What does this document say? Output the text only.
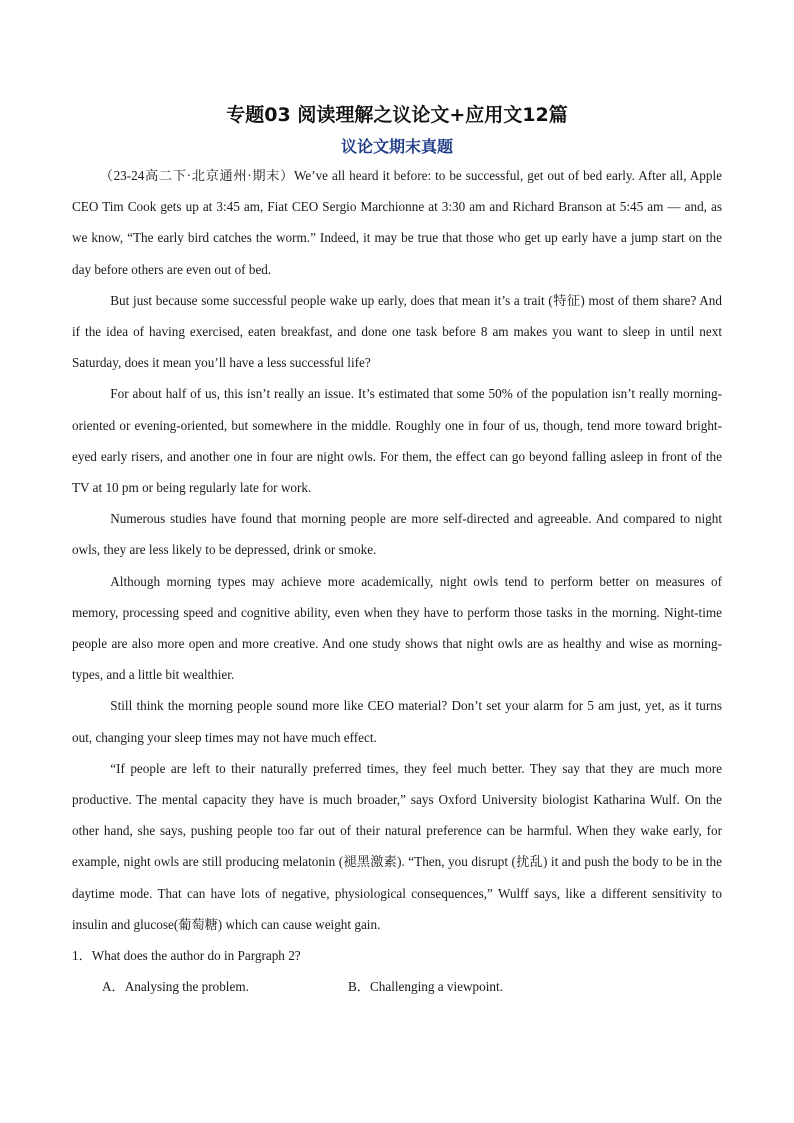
专题03 阅读理解之议论文+应用文12篇
议论文期末真题

（23-24高二下·北京通州·期末）We’ve all heard it before: to be successful, get out of bed early. After all, Apple CEO Tim Cook gets up at 3:45 am, Fiat CEO Sergio Marchionne at 3:30 am and Richard Branson at 5:45 am — and, as we know, “The early bird catches the worm.” Indeed, it may be true that those who get up early have a jump start on the day before others are even out of bed.

But just because some successful people wake up early, does that mean it’s a trait (特征) most of them share? And if the idea of having exercised, eaten breakfast, and done one task before 8 am makes you want to sleep in until next Saturday, does it mean you’ll have a less successful life?

For about half of us, this isn’t really an issue. It’s estimated that some 50% of the population isn’t really morning-oriented or evening-oriented, but somewhere in the middle. Roughly one in four of us, though, tend more toward bright-eyed early risers, and another one in four are night owls. For them, the effect can go beyond falling asleep in front of the TV at 10 pm or being regularly late for work.

Numerous studies have found that morning people are more self-directed and agreeable. And compared to night owls, they are less likely to be depressed, drink or smoke.

Although morning types may achieve more academically, night owls tend to perform better on measures of memory, processing speed and cognitive ability, even when they have to perform those tasks in the morning. Night-time people are also more open and more creative. And one study shows that night owls are as healthy and wise as morning-types, and a little bit wealthier.

Still think the morning people sound more like CEO material? Don’t set your alarm for 5 am just, yet, as it turns out, changing your sleep times may not have much effect.

“If people are left to their naturally preferred times, they feel much better. They say that they are much more productive. The mental capacity they have is much broader,” says Oxford University biologist Katharina Wulf. On the other hand, she says, pushing people too far out of their natural preference can be harmful. When they wake early, for example, night owls are still producing melatonin (褪黑激素). “Then, you disrupt (扰乱) it and push the body to be in the daytime mode. That can have lots of negative, physiological consequences,” Wulff says, like a different sensitivity to insulin and glucose(葡萄糖) which can cause weight gain.

1．What does the author do in Pargraph 2?

A．Analysing the problem.	B．Challenging a viewpoint.
